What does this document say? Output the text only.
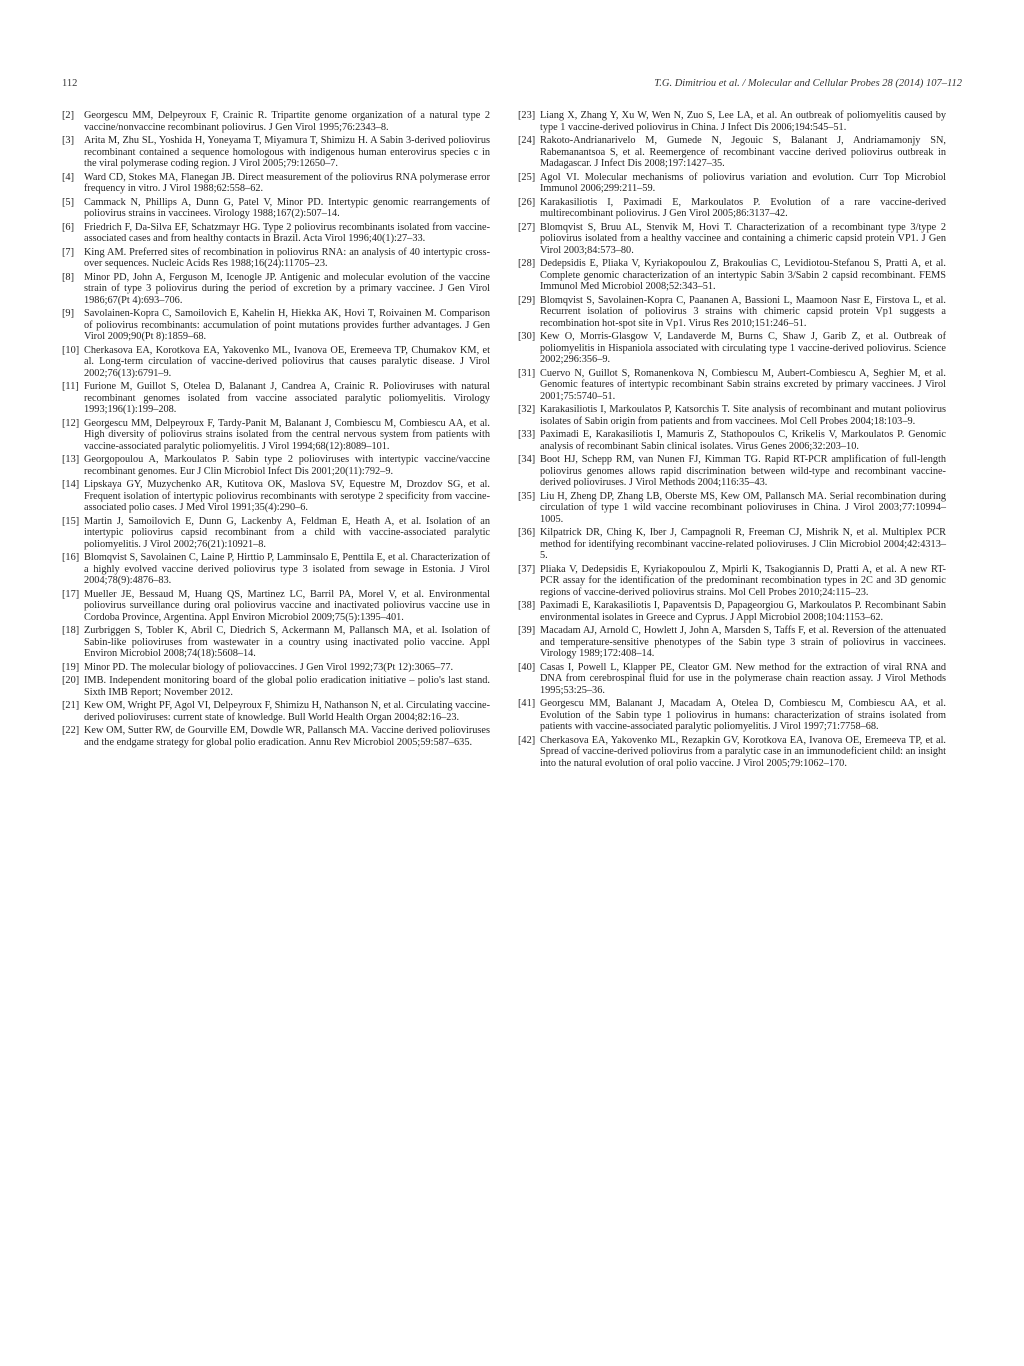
112	T.G. Dimitriou et al. / Molecular and Cellular Probes 28 (2014) 107–112
[2] Georgescu MM, Delpeyroux F, Crainic R. Tripartite genome organization of a natural type 2 vaccine/nonvaccine recombinant poliovirus. J Gen Virol 1995;76:2343–8.
[3] Arita M, Zhu SL, Yoshida H, Yoneyama T, Miyamura T, Shimizu H. A Sabin 3-derived poliovirus recombinant contained a sequence homologous with indigenous human enterovirus species c in the viral polymerase coding region. J Virol 2005;79:12650–7.
[4] Ward CD, Stokes MA, Flanegan JB. Direct measurement of the poliovirus RNA polymerase error frequency in vitro. J Virol 1988;62:558–62.
[5] Cammack N, Phillips A, Dunn G, Patel V, Minor PD. Intertypic genomic rearrangements of poliovirus strains in vaccinees. Virology 1988;167(2):507–14.
[6] Friedrich F, Da-Silva EF, Schatzmayr HG. Type 2 poliovirus recombinants isolated from vaccine-associated cases and from healthy contacts in Brazil. Acta Virol 1996;40(1):27–33.
[7] King AM. Preferred sites of recombination in poliovirus RNA: an analysis of 40 intertypic cross-over sequences. Nucleic Acids Res 1988;16(24):11705–23.
[8] Minor PD, John A, Ferguson M, Icenogle JP. Antigenic and molecular evolution of the vaccine strain of type 3 poliovirus during the period of excretion by a primary vaccinee. J Gen Virol 1986;67(Pt 4):693–706.
[9] Savolainen-Kopra C, Samoilovich E, Kahelin H, Hiekka AK, Hovi T, Roivainen M. Comparison of poliovirus recombinants: accumulation of point mutations provides further advantages. J Gen Virol 2009;90(Pt 8):1859–68.
[10] Cherkasova EA, Korotkova EA, Yakovenko ML, Ivanova OE, Eremeeva TP, Chumakov KM, et al. Long-term circulation of vaccine-derived poliovirus that causes paralytic disease. J Virol 2002;76(13):6791–9.
[11] Furione M, Guillot S, Otelea D, Balanant J, Candrea A, Crainic R. Polioviruses with natural recombinant genomes isolated from vaccine associated paralytic poliomyelitis. Virology 1993;196(1):199–208.
[12] Georgescu MM, Delpeyroux F, Tardy-Panit M, Balanant J, Combiescu M, Combiescu AA, et al. High diversity of poliovirus strains isolated from the central nervous system from patients with vaccine-associated paralytic poliomyelitis. J Virol 1994;68(12):8089–101.
[13] Georgopoulou A, Markoulatos P. Sabin type 2 polioviruses with intertypic vaccine/vaccine recombinant genomes. Eur J Clin Microbiol Infect Dis 2001;20(11):792–9.
[14] Lipskaya GY, Muzychenko AR, Kutitova OK, Maslova SV, Equestre M, Drozdov SG, et al. Frequent isolation of intertypic poliovirus recombinants with serotype 2 specificity from vaccine-associated polio cases. J Med Virol 1991;35(4):290–6.
[15] Martin J, Samoilovich E, Dunn G, Lackenby A, Feldman E, Heath A, et al. Isolation of an intertypic poliovirus capsid recombinant from a child with vaccine-associated paralytic poliomyelitis. J Virol 2002;76(21):10921–8.
[16] Blomqvist S, Savolainen C, Laine P, Hirttio P, Lamminsalo E, Penttila E, et al. Characterization of a highly evolved vaccine derived poliovirus type 3 isolated from sewage in Estonia. J Virol 2004;78(9):4876–83.
[17] Mueller JE, Bessaud M, Huang QS, Martinez LC, Barril PA, Morel V, et al. Environmental poliovirus surveillance during oral poliovirus vaccine and inactivated poliovirus vaccine use in Cordoba Province, Argentina. Appl Environ Microbiol 2009;75(5):1395–401.
[18] Zurbriggen S, Tobler K, Abril C, Diedrich S, Ackermann M, Pallansch MA, et al. Isolation of Sabin-like polioviruses from wastewater in a country using inactivated polio vaccine. Appl Environ Microbiol 2008;74(18):5608–14.
[19] Minor PD. The molecular biology of poliovaccines. J Gen Virol 1992;73(Pt 12):3065–77.
[20] IMB. Independent monitoring board of the global polio eradication initiative – polio's last stand. Sixth IMB Report; November 2012.
[21] Kew OM, Wright PF, Agol VI, Delpeyroux F, Shimizu H, Nathanson N, et al. Circulating vaccine-derived polioviruses: current state of knowledge. Bull World Health Organ 2004;82:16–23.
[22] Kew OM, Sutter RW, de Gourville EM, Dowdle WR, Pallansch MA. Vaccine derived polioviruses and the endgame strategy for global polio eradication. Annu Rev Microbiol 2005;59:587–635.
[23] Liang X, Zhang Y, Xu W, Wen N, Zuo S, Lee LA, et al. An outbreak of poliomyelitis caused by type 1 vaccine-derived poliovirus in China. J Infect Dis 2006;194:545–51.
[24] Rakoto-Andrianarivelo M, Gumede N, Jegouic S, Balanant J, Andriamamonjy SN, Rabemanantsoa S, et al. Reemergence of recombinant vaccine derived poliovirus outbreak in Madagascar. J Infect Dis 2008;197:1427–35.
[25] Agol VI. Molecular mechanisms of poliovirus variation and evolution. Curr Top Microbiol Immunol 2006;299:211–59.
[26] Karakasiliotis I, Paximadi E, Markoulatos P. Evolution of a rare vaccine-derived multirecombinant poliovirus. J Gen Virol 2005;86:3137–42.
[27] Blomqvist S, Bruu AL, Stenvik M, Hovi T. Characterization of a recombinant type 3/type 2 poliovirus isolated from a healthy vaccinee and containing a chimeric capsid protein VP1. J Gen Virol 2003;84:573–80.
[28] Dedepsidis E, Pliaka V, Kyriakopoulou Z, Brakoulias C, Levidiotou-Stefanou S, Pratti A, et al. Complete genomic characterization of an intertypic Sabin 3/Sabin 2 capsid recombinant. FEMS Immunol Med Microbiol 2008;52:343–51.
[29] Blomqvist S, Savolainen-Kopra C, Paananen A, Bassioni L, Maamoon Nasr E, Firstova L, et al. Recurrent isolation of poliovirus 3 strains with chimeric capsid protein Vp1 suggests a recombination hot-spot site in Vp1. Virus Res 2010;151:246–51.
[30] Kew O, Morris-Glasgow V, Landaverde M, Burns C, Shaw J, Garib Z, et al. Outbreak of poliomyelitis in Hispaniola associated with circulating type 1 vaccine-derived poliovirus. Science 2002;296:356–9.
[31] Cuervo N, Guillot S, Romanenkova N, Combiescu M, Aubert-Combiescu A, Seghier M, et al. Genomic features of intertypic recombinant Sabin strains excreted by primary vaccinees. J Virol 2001;75:5740–51.
[32] Karakasiliotis I, Markoulatos P, Katsorchis T. Site analysis of recombinant and mutant poliovirus isolates of Sabin origin from patients and from vaccinees. Mol Cell Probes 2004;18:103–9.
[33] Paximadi E, Karakasiliotis I, Mamuris Z, Stathopoulos C, Krikelis V, Markoulatos P. Genomic analysis of recombinant Sabin clinical isolates. Virus Genes 2006;32:203–10.
[34] Boot HJ, Schepp RM, van Nunen FJ, Kimman TG. Rapid RT-PCR amplification of full-length poliovirus genomes allows rapid discrimination between wild-type and recombinant vaccine-derived polioviruses. J Virol Methods 2004;116:35–43.
[35] Liu H, Zheng DP, Zhang LB, Oberste MS, Kew OM, Pallansch MA. Serial recombination during circulation of type 1 wild vaccine recombinant polioviruses in China. J Virol 2003;77:10994–1005.
[36] Kilpatrick DR, Ching K, Iber J, Campagnoli R, Freeman CJ, Mishrik N, et al. Multiplex PCR method for identifying recombinant vaccine-related polioviruses. J Clin Microbiol 2004;42:4313–5.
[37] Pliaka V, Dedepsidis E, Kyriakopoulou Z, Mpirli K, Tsakogiannis D, Pratti A, et al. A new RT-PCR assay for the identification of the predominant recombination types in 2C and 3D genomic regions of vaccine-derived poliovirus strains. Mol Cell Probes 2010;24:115–23.
[38] Paximadi E, Karakasiliotis I, Papaventsis D, Papageorgiou G, Markoulatos P. Recombinant Sabin environmental isolates in Greece and Cyprus. J Appl Microbiol 2008;104:1153–62.
[39] Macadam AJ, Arnold C, Howlett J, John A, Marsden S, Taffs F, et al. Reversion of the attenuated and temperature-sensitive phenotypes of the Sabin type 3 strain of poliovirus in vaccinees. Virology 1989;172:408–14.
[40] Casas I, Powell L, Klapper PE, Cleator GM. New method for the extraction of viral RNA and DNA from cerebrospinal fluid for use in the polymerase chain reaction assay. J Virol Methods 1995;53:25–36.
[41] Georgescu MM, Balanant J, Macadam A, Otelea D, Combiescu M, Combiescu AA, et al. Evolution of the Sabin type 1 poliovirus in humans: characterization of strains isolated from patients with vaccine-associated paralytic poliomyelitis. J Virol 1997;71:7758–68.
[42] Cherkasova EA, Yakovenko ML, Rezapkin GV, Korotkova EA, Ivanova OE, Eremeeva TP, et al. Spread of vaccine-derived poliovirus from a paralytic case in an immunodeficient child: an insight into the natural evolution of oral polio vaccine. J Virol 2005;79:1062–170.
